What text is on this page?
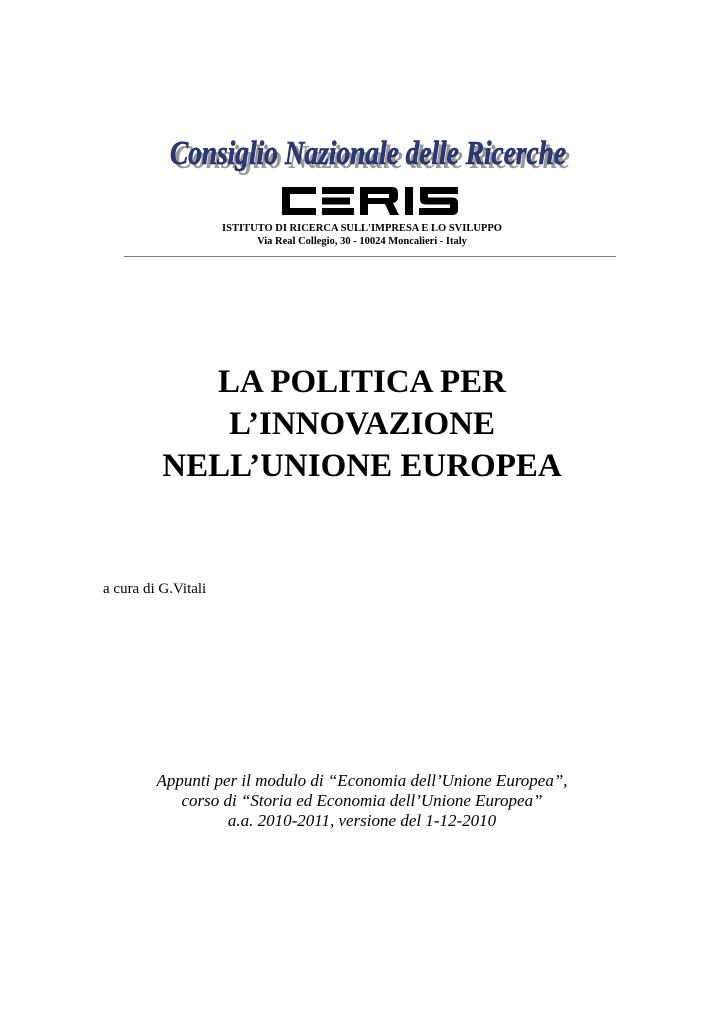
Consiglio Nazionale delle Ricerche
Consiglio Nazionale delle Ricerche
ISTITUTO DI RICERCA SULL'IMPRESA E LO SVILUPPO
Via Real Collegio, 30 - 10024 Moncalieri - Italy
LA POLITICA PER
L’INNOVAZIONE
NELL’UNIONE EUROPEA
a cura di G.Vitali
Appunti per il modulo di “Economia dell’Unione Europea”,
corso di “Storia ed Economia dell’Unione Europea”
a.a. 2010-2011, versione del 1-12-2010
